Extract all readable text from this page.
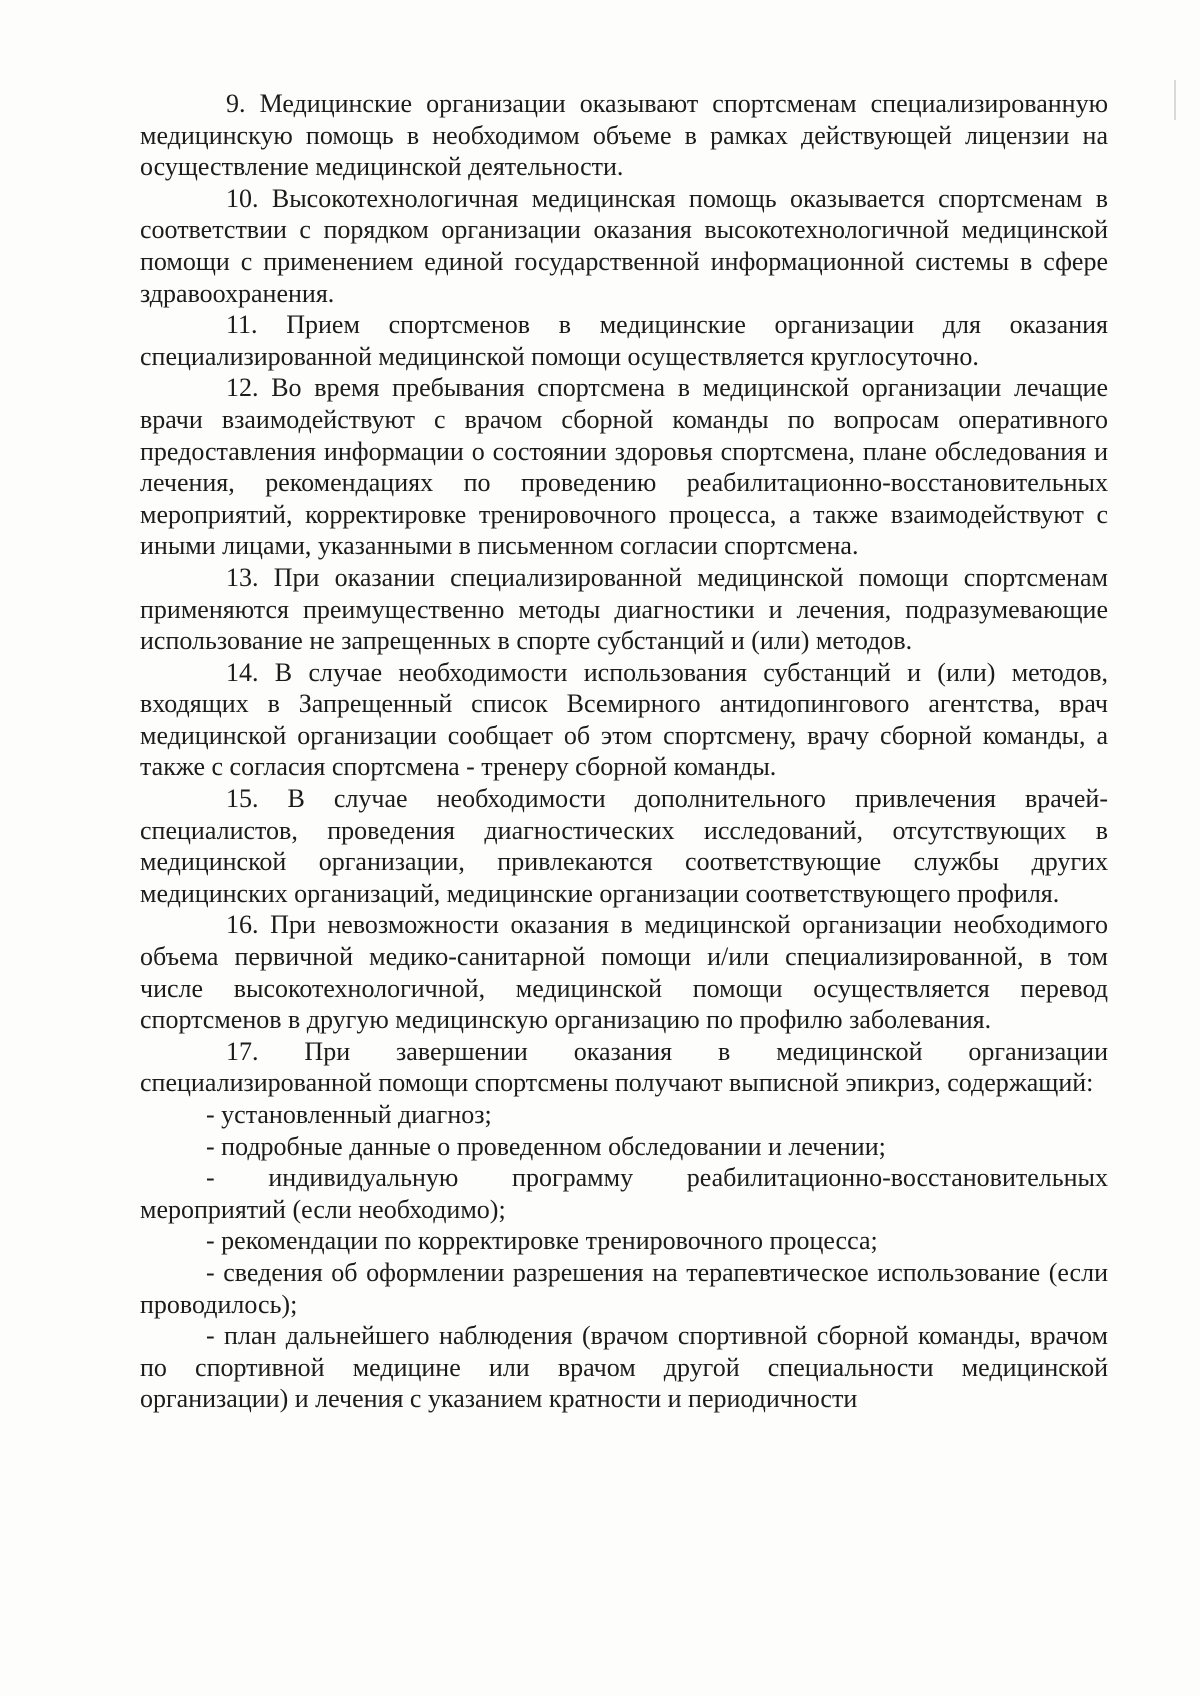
9. Медицинские организации оказывают спортсменам специализированную медицинскую помощь в необходимом объеме в рамках действующей лицензии на осуществление медицинской деятельности.

10. Высокотехнологичная медицинская помощь оказывается спортсменам в соответствии с порядком организации оказания высокотехнологичной медицинской помощи с применением единой государственной информационной системы в сфере здравоохранения.

11. Прием спортсменов в медицинские организации для оказания специализированной медицинской помощи осуществляется круглосуточно.

12. Во время пребывания спортсмена в медицинской организации лечащие врачи взаимодействуют с врачом сборной команды по вопросам оперативного предоставления информации о состоянии здоровья спортсмена, плане обследования и лечения, рекомендациях по проведению реабилитационно-восстановительных мероприятий, корректировке тренировочного процесса, а также взаимодействуют с иными лицами, указанными в письменном согласии спортсмена.

13. При оказании специализированной медицинской помощи спортсменам применяются преимущественно методы диагностики и лечения, подразумевающие использование не запрещенных в спорте субстанций и (или) методов.

14. В случае необходимости использования субстанций и (или) методов, входящих в Запрещенный список Всемирного антидопингового агентства, врач медицинской организации сообщает об этом спортсмену, врачу сборной команды, а также с согласия спортсмена - тренеру сборной команды.

15. В случае необходимости дополнительного привлечения врачей-специалистов, проведения диагностических исследований, отсутствующих в медицинской организации, привлекаются соответствующие службы других медицинских организаций, медицинские организации соответствующего профиля.

16. При невозможности оказания в медицинской организации необходимого объема первичной медико-санитарной помощи и/или специализированной, в том числе высокотехнологичной, медицинской помощи осуществляется перевод спортсменов в другую медицинскую организацию по профилю заболевания.

17. При завершении оказания в медицинской организации специализированной помощи спортсмены получают выписной эпикриз, содержащий:

- установленный диагноз;

- подробные данные о проведенном обследовании и лечении;

- индивидуальную программу реабилитационно-восстановительных мероприятий (если необходимо);

- рекомендации по корректировке тренировочного процесса;

- сведения об оформлении разрешения на терапевтическое использование (если проводилось);

- план дальнейшего наблюдения (врачом спортивной сборной команды, врачом по спортивной медицине или врачом другой специальности медицинской организации) и лечения с указанием кратности и периодичности
